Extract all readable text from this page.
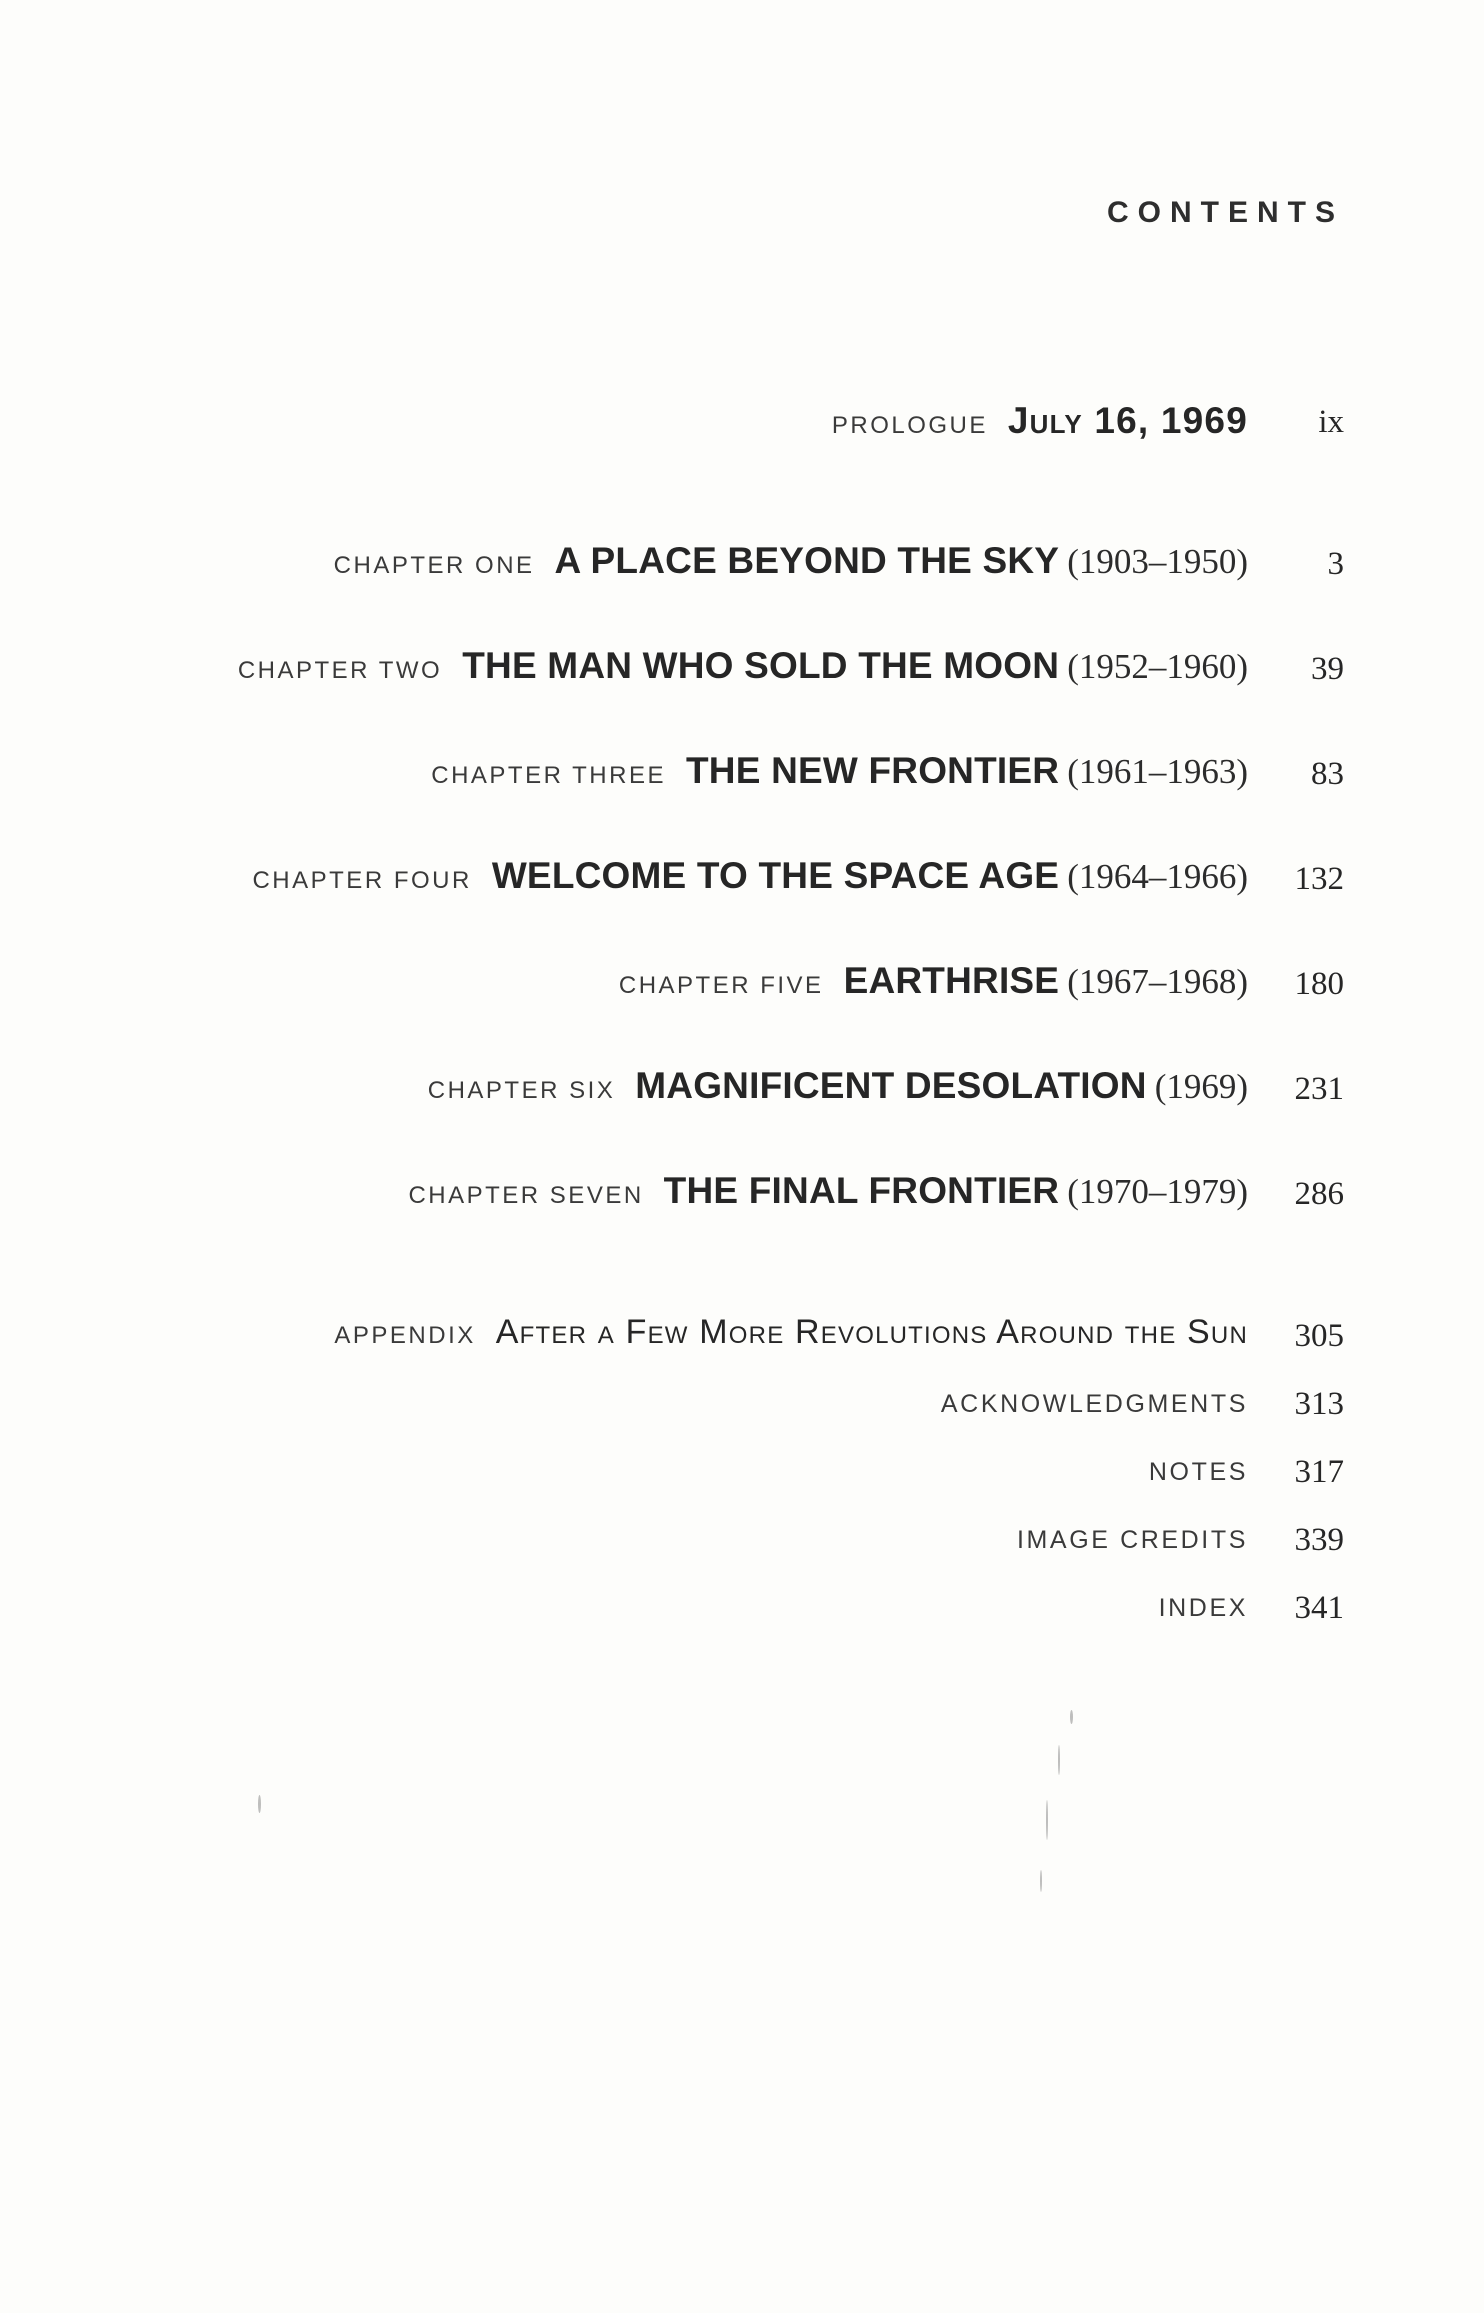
CONTENTS
PROLOGUE July 16, 1969	ix
CHAPTER ONE A PLACE BEYOND THE SKY (1903–1950)	3
CHAPTER TWO THE MAN WHO SOLD THE MOON (1952–1960)	39
CHAPTER THREE THE NEW FRONTIER (1961–1963)	83
CHAPTER FOUR WELCOME TO THE SPACE AGE (1964–1966)	132
CHAPTER FIVE EARTHRISE (1967–1968)	180
CHAPTER SIX MAGNIFICENT DESOLATION (1969)	231
CHAPTER SEVEN THE FINAL FRONTIER (1970–1979)	286
APPENDIX After a Few More Revolutions Around the Sun	305
ACKNOWLEDGMENTS	313
NOTES	317
IMAGE CREDITS	339
INDEX	341
